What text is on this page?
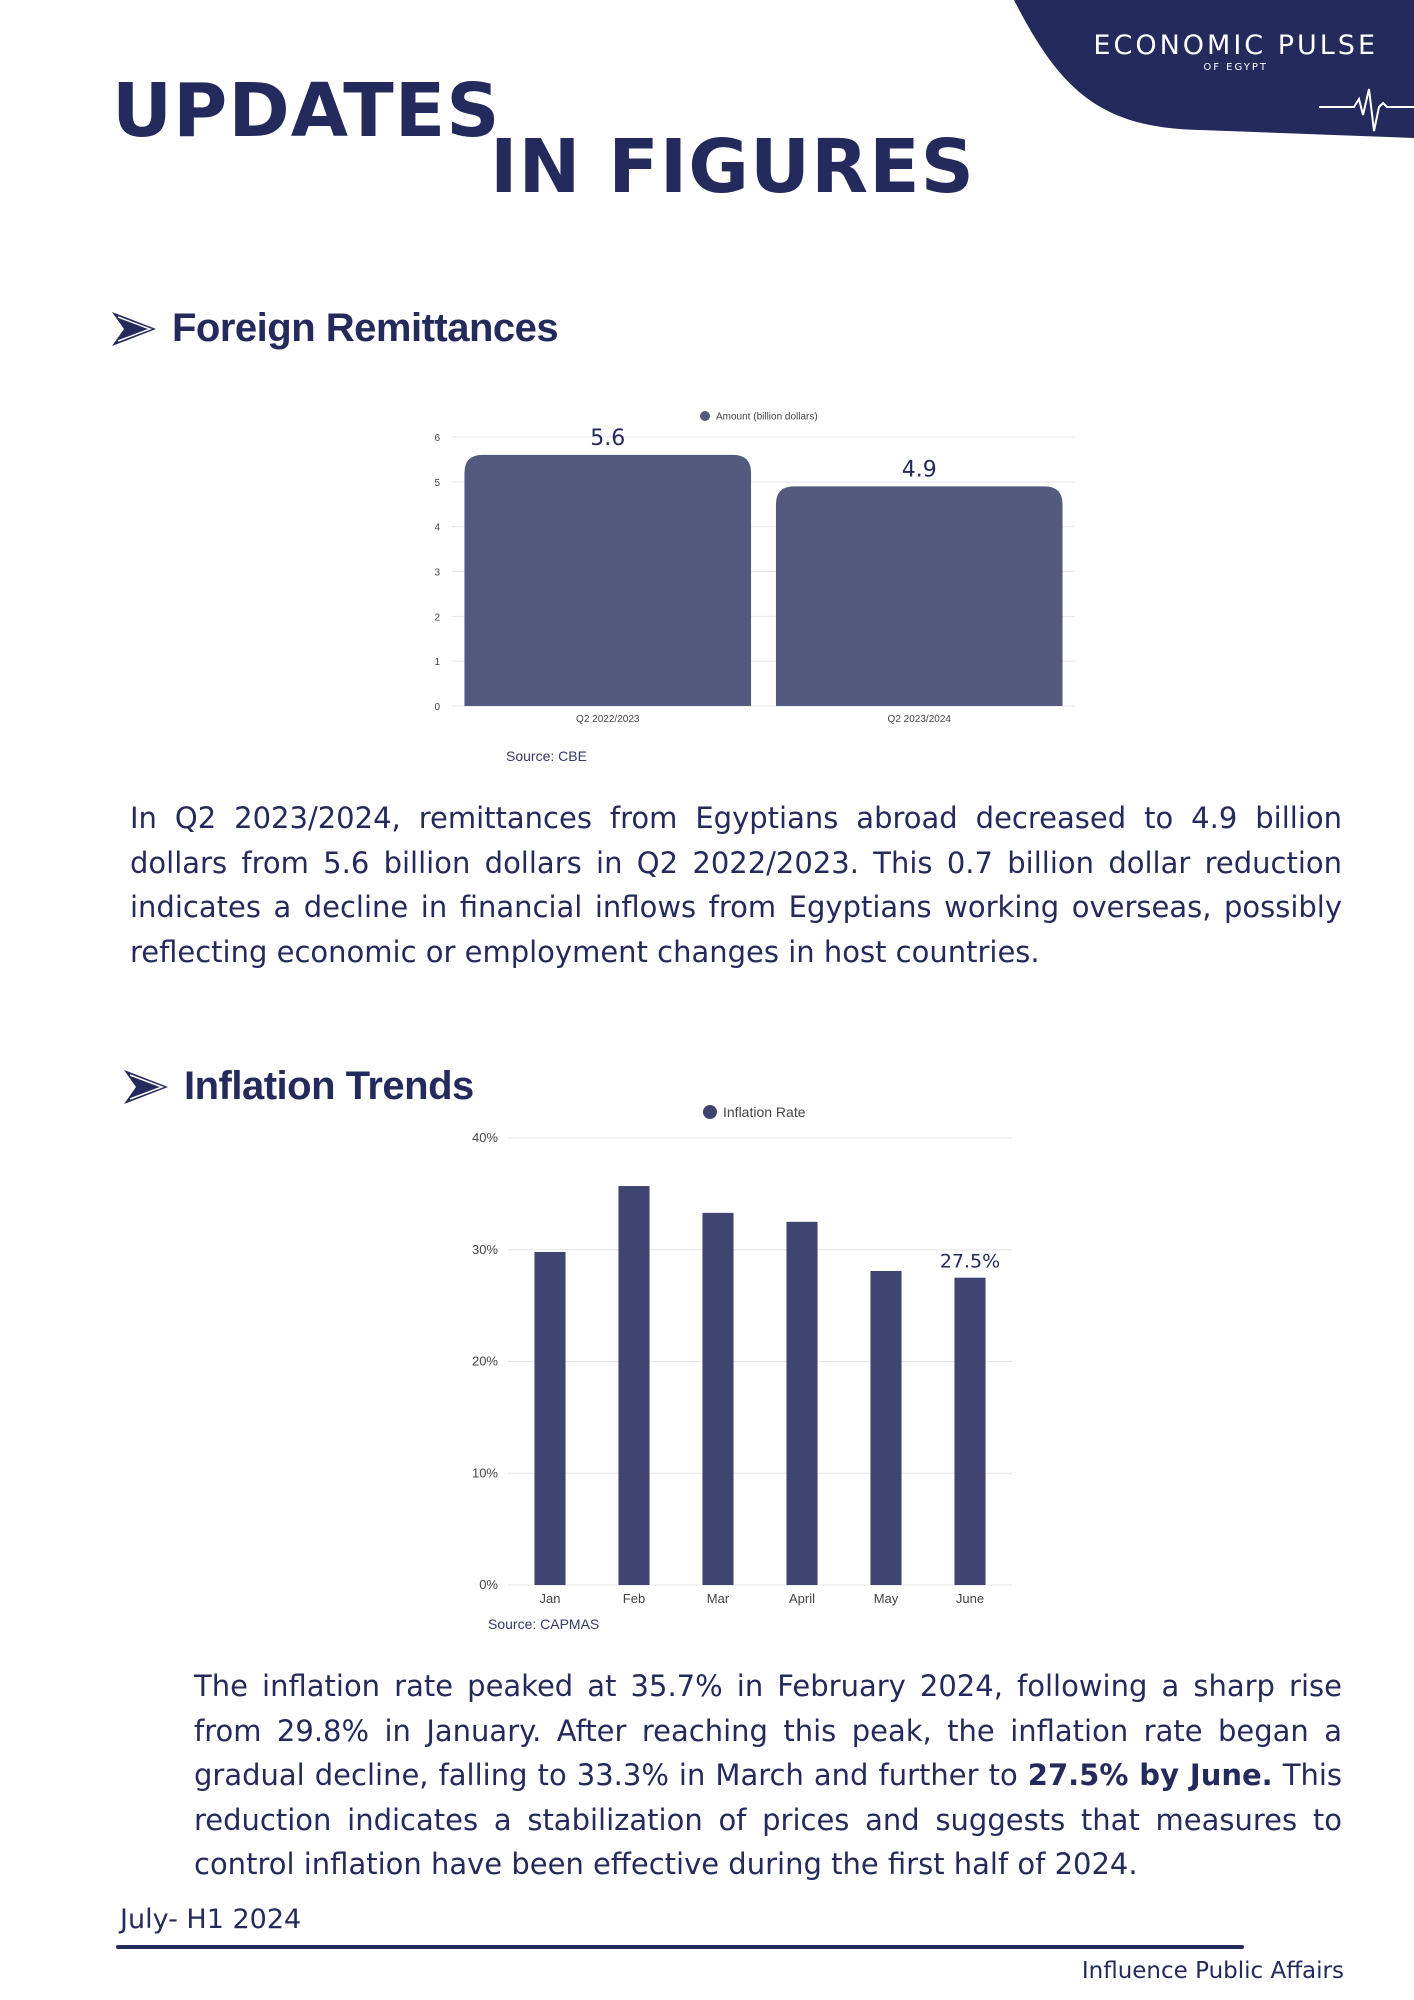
ECONOMIC PULSE
OF EGYPT
UPDATES
IN FIGURES
Foreign Remittances
0
1
2
3
4
5
6
Amount (billion dollars)
Q2 2022/2023
5.6
Q2 2023/2024
4.9
Source: CBE

In Q2 2023/2024, remittances from Egyptians abroad decreased to 4.9 billion dollars from 5.6 billion dollars in Q2 2022/2023. This 0.7 billion dollar reduction indicates a decline in financial inflows from Egyptians working overseas, possibly reflecting economic or employment changes in host countries.

Inflation Trends
0%
10%
20%
30%
40%
Inflation Rate
Jan	Feb	Mar	April	May	June
27.5%
Source: CAPMAS

The inflation rate peaked at 35.7% in February 2024, following a sharp rise from 29.8% in January. After reaching this peak, the inflation rate began a gradual decline, falling to 33.3% in March and further to 27.5% by June. This reduction indicates a stabilization of prices and suggests that measures to control inflation have been effective during the first half of 2024.

July- H1 2024
Influence Public Affairs
